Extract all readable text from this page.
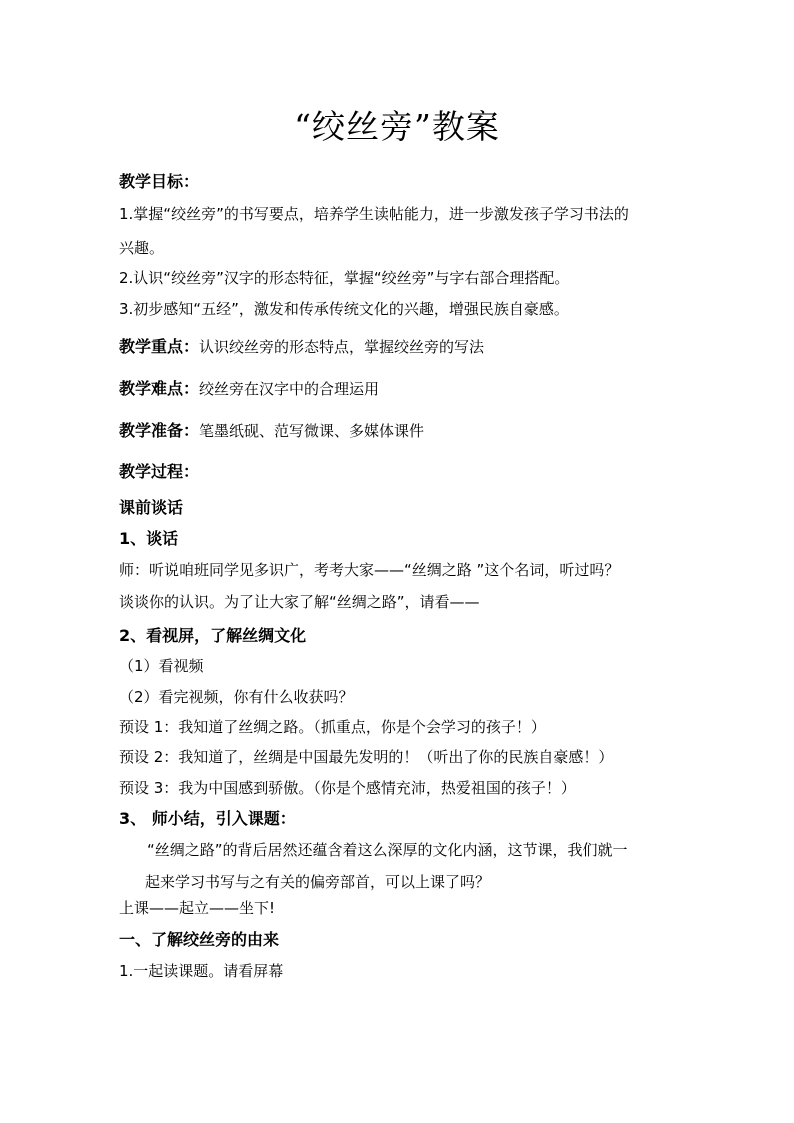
“绞丝旁”教案
教学目标：
1.掌握“绞丝旁”的书写要点，培养学生读帖能力，进一步激发孩子学习书法的
兴趣。
2.认识“绞丝旁”汉字的形态特征，掌握“绞丝旁”与字右部合理搭配。
3.初步感知“五经”，激发和传承传统文化的兴趣，增强民族自豪感。
教学重点：认识绞丝旁的形态特点，掌握绞丝旁的写法
教学难点：绞丝旁在汉字中的合理运用
教学准备：笔墨纸砚、范写微课、多媒体课件
教学过程：
课前谈话
1、谈话
师：听说咱班同学见多识广，考考大家——“丝绸之路 ”这个名词，听过吗？
谈谈你的认识。为了让大家了解“丝绸之路”，请看——
2、看视屏，了解丝绸文化
（1）看视频
（2）看完视频，你有什么收获吗？
预设 1：我知道了丝绸之路。（抓重点，你是个会学习的孩子！）
预设 2：我知道了，丝绸是中国最先发明的！（听出了你的民族自豪感！）
预设 3：我为中国感到骄傲。（你是个感情充沛，热爱祖国的孩子！）
3、 师小结，引入课题：
“丝绸之路”的背后居然还蕴含着这么深厚的文化内涵，这节课，我们就一
起来学习书写与之有关的偏旁部首，可以上课了吗？
上课——起立——坐下!
一、了解绞丝旁的由来
1.一起读课题。请看屏幕
